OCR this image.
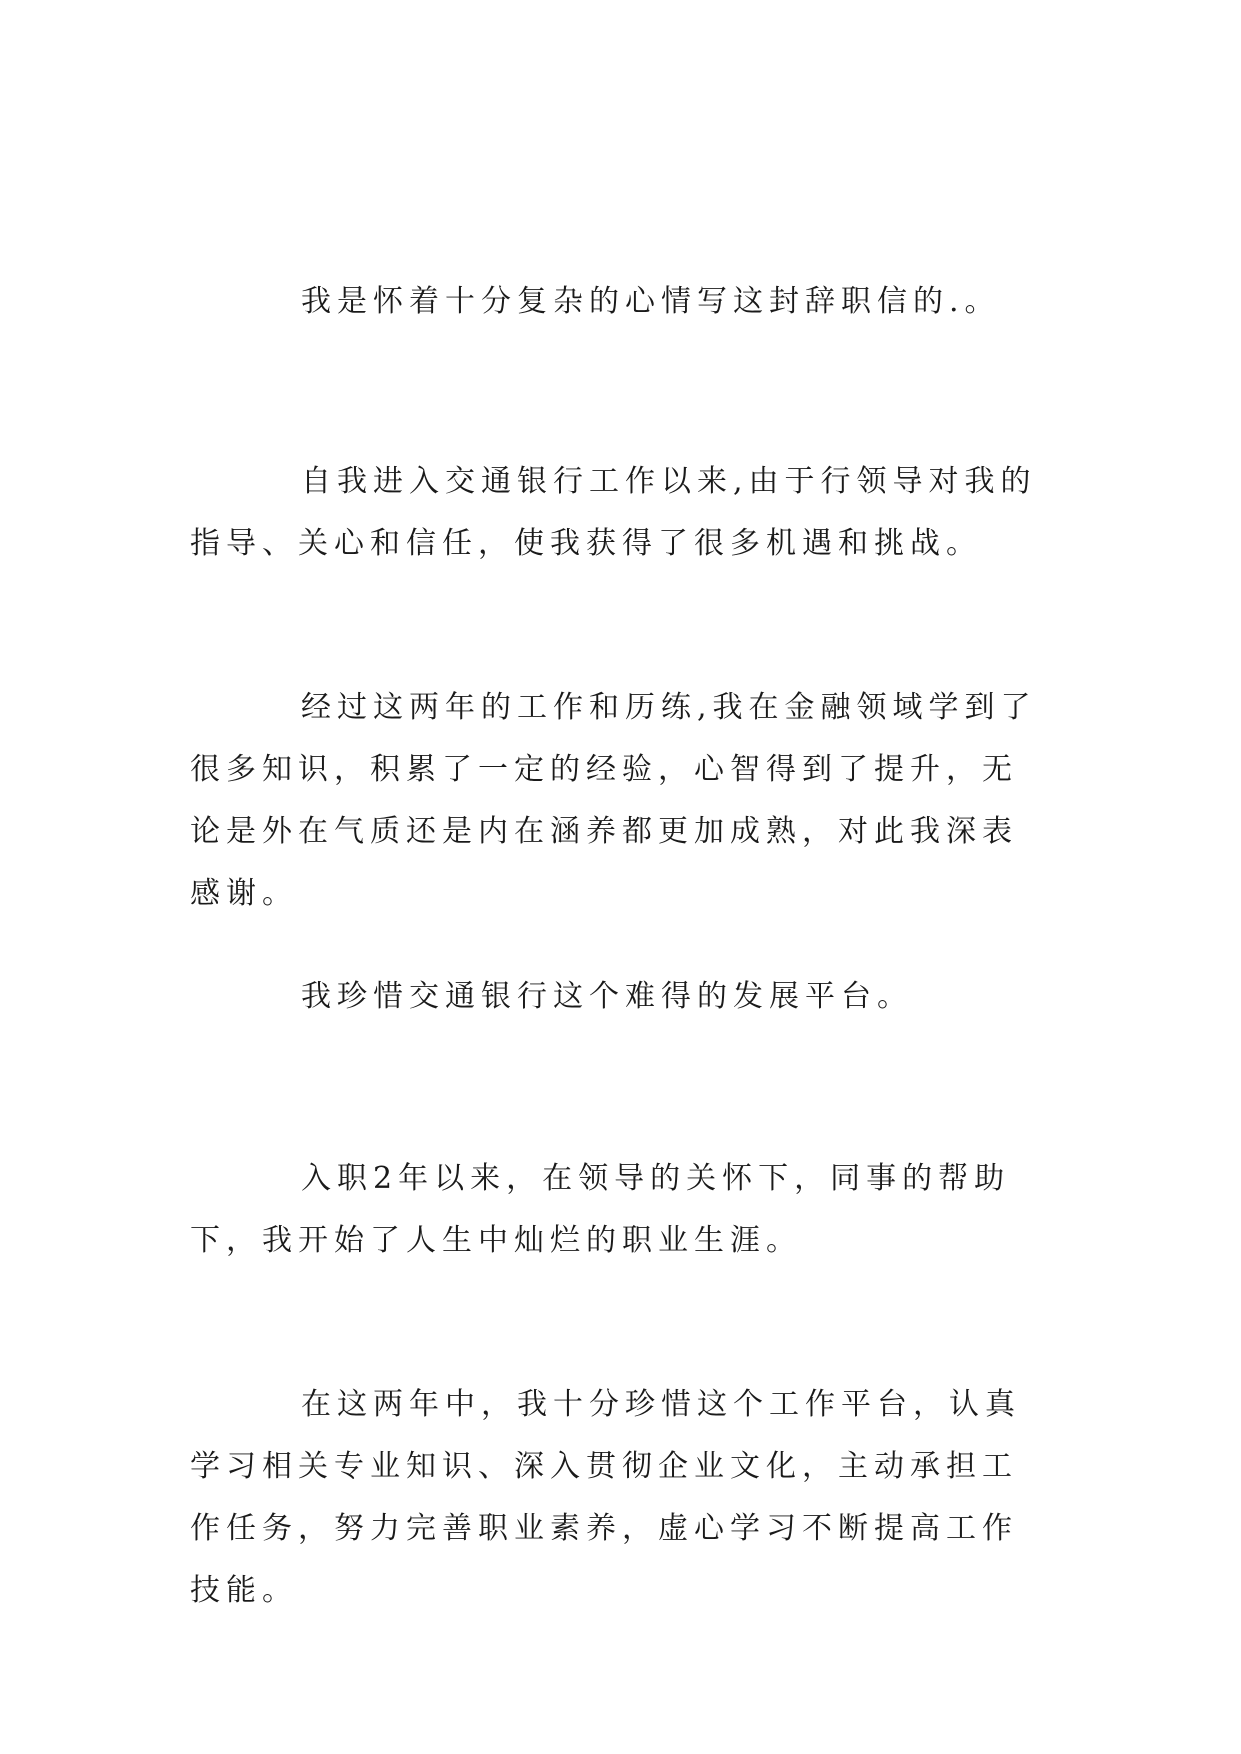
我是怀着十分复杂的心情写这封辞职信的.。

自我进入交通银行工作以来,由于行领导对我的指导、关心和信任，使我获得了很多机遇和挑战。

经过这两年的工作和历练,我在金融领域学到了很多知识，积累了一定的经验，心智得到了提升，无论是外在气质还是内在涵养都更加成熟，对此我深表感谢。

我珍惜交通银行这个难得的发展平台。

入职2年以来，在领导的关怀下，同事的帮助下，我开始了人生中灿烂的职业生涯。

在这两年中，我十分珍惜这个工作平台，认真学习相关专业知识、深入贯彻企业文化，主动承担工作任务，努力完善职业素养，虚心学习不断提高工作技能。
